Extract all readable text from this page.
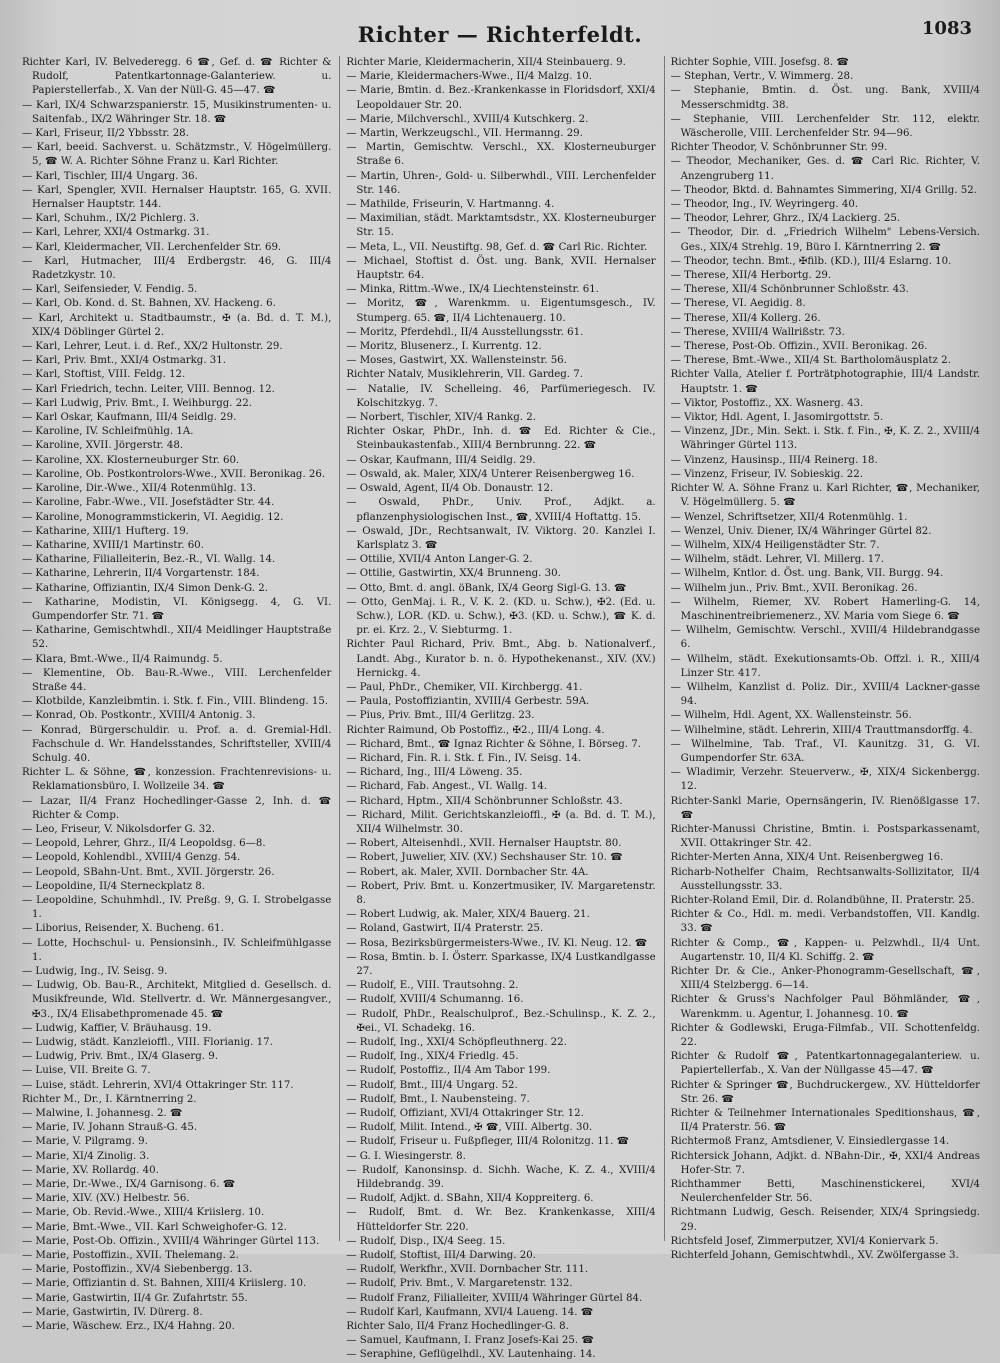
Richter — Richterfeldt.	1083
Richter Karl, IV. Belvederegg. 6 ☎, Gef. d. ☎ Richter & Rudolf, Patentkartonnage-Galanteriew. u. Papierstellerfab., X. Van der Nüll-G. 45—47. ☎
— Karl, IX/4 Schwarzspanierstr. 15, Musikinstrumenten- u. Saitenfab., IX/2 Währinger Str. 18. ☎
— Karl, Friseur, II/2 Ybbsstr. 28.
— Karl, beeid. Sachverst. u. Schätzmstr., V. Högelmüllerg. 5, ☎ W. A. Richter Söhne Franz u. Karl Richter.
— Karl, Tischler, III/4 Ungarg. 36.
— Karl, Spengler, XVII. Hernalser Hauptstr. 165, G. XVII. Hernalser Hauptstr. 144.
— Karl, Schuhm., IX/2 Pichlerg. 3.
— Karl, Lehrer, XXI/4 Ostmarkg. 31.
— Karl, Kleidermacher, VII. Lerchenfelder Str. 69.
— Karl, Hutmacher, III/4 Erdbergstr. 46, G. III/4 Radetzkystr. 10.
— Karl, Seifensieder, V. Fendig. 5.
— Karl, Ob. Kond. d. St. Bahnen, XV. Hackeng. 6.
— Karl, Architekt u. Stadtbaumstr., ✠ (a. Bd. d. T. M.), XIX/4 Döblinger Gürtel 2.
— Karl, Lehrer, Leut. i. d. Ref., XX/2 Hultonstr. 29.
— Karl, Priv. Bmt., XXI/4 Ostmarkg. 31.
— Karl, Stoftist, VIII. Feldg. 12.
— Karl Friedrich, techn. Leiter, VIII. Bennog. 12.
— Karl Ludwig, Priv. Bmt., I. Weihburgg. 22.
— Karl Oskar, Kaufmann, III/4 Seidlg. 29.
— Karoline, IV. Schleifmühlg. 1A.
— Karoline, XVII. Jörgerstr. 48.
— Karoline, XX. Klosterneuburger Str. 60.
— Karoline, Ob. Postkontrolors-Wwe., XVII. Beronikag. 26.
— Karoline, Dir.-Wwe., XII/4 Rotenmühlg. 13.
— Karoline, Fabr.-Wwe., VII. Josefstädter Str. 44.
— Karoline, Monogrammstickerin, VI. Aegidig. 12.
— Katharine, XIII/1 Hufterg. 19.
— Katharine, XVIII/1 Martinstr. 60.
— Katharine, Filialleiterin, Bez.-R., VI. Wallg. 14.
— Katharine, Lehrerin, II/4 Vorgartenstr. 184.
— Katharine, Offiziantin, IX/4 Simon Denk-G. 2.
— Katharine, Modistin, VI. Königsegg. 4, G. VI. Gumpendorfer Str. 71. ☎
— Katharine, Gemischtwhdl., XII/4 Meidlinger Hauptstraße 52.
— Klara, Bmt.-Wwe., II/4 Raimundg. 5.
— Klementine, Ob. Bau-R.-Wwe., VIII. Lerchenfelder Straße 44.
— Klotbilde, Kanzleibmtin. i. Stk. f. Fin., VIII. Blindeng. 15.
— Konrad, Ob. Postkontr., XVIII/4 Antonig. 3.
— Konrad, Bürgerschuldir. u. Prof. a. d. Gremial-Hdl. Fachschule d. Wr. Handelsstandes, Schriftsteller, XVIII/4 Schulg. 40.
Richter L. & Söhne, ☎, konzession. Frachtenrevisions- u. Reklamationsbüro, I. Wollzeile 34. ☎
— Lazar, II/4 Franz Hochedlinger-Gasse 2, Inh. d. ☎ Richter & Comp.
— Leo, Friseur, V. Nikolsdorfer G. 32.
— Leopold, Lehrer, Ghrz., II/4 Leopoldsg. 6—8.
— Leopold, Kohlendbl., XVIII/4 Genzg. 54.
— Leopold, SBahn-Unt. Bmt., XVII. Jörgerstr. 26.
— Leopoldine, II/4 Sterneckplatz 8.
— Leopoldine, Schuhmhdl., IV. Preßg. 9, G. I. Strobelgasse 1.
— Liborius, Reisender, X. Bucheng. 61.
— Lotte, Hochschul- u. Pensionsinh., IV. Schleifmühlgasse 1.
— Ludwig, Ing., IV. Seisg. 9.
— Ludwig, Ob. Bau-R., Architekt, Mitglied d. Gesellsch. d. Musikfreunde, Wld. Stellvertr. d. Wr. Männergesangver., ✠3., IX/4 Elisabethpromenade 45. ☎
— Ludwig, Kaffier, V. Bräuhausg. 19.
— Ludwig, städt. Kanzleioffl., VIII. Florianig. 17.
— Ludwig, Priv. Bmt., IX/4 Glaserg. 9.
— Luise, VII. Breite G. 7.
— Luise, städt. Lehrerin, XVI/4 Ottakringer Str. 117.
Richter M., Dr., I. Kärntnerring 2.
— Malwine, I. Johannesg. 2. ☎
— Marie, IV. Johann Strauß-G. 45.
— Marie, V. Pilgramg. 9.
— Marie, XI/4 Zinolig. 3.
— Marie, XV. Rollardg. 40.
— Marie, Dr.-Wwe., IX/4 Garnisong. 6. ☎
— Marie, XIV. (XV.) Helbestr. 56.
— Marie, Ob. Revid.-Wwe., XIII/4 Kriislerg. 10.
— Marie, Bmt.-Wwe., VII. Karl Schweighofer-G. 12.
— Marie, Post-Ob. Offizin., XVIII/4 Währinger Gürtel 113.
— Marie, Postoffizin., XVII. Thelemang. 2.
— Marie, Postoffizin., XV/4 Siebenbergg. 13.
— Marie, Offiziantin d. St. Bahnen, XIII/4 Kriislerg. 10.
— Marie, Gastwirtin, II/4 Gr. Zufahrtstr. 55.
— Marie, Gastwirtin, IV. Dürerg. 8.
— Marie, Wäschew. Erz., IX/4 Hahng. 20.
Richter Marie, Kleidermacherin, XII/4 Steinbauerg. 9.
— Marie, Kleidermachers-Wwe., II/4 Malzg. 10.
— Marie, Bmtin. d. Bez.-Krankenkasse in Floridsdorf, XXI/4 Leopoldauer Str. 20.
— Marie, Milchverschl., XVIII/4 Kutschkerg. 2.
— Martin, Werkzeugschl., VII. Hermanng. 29.
— Martin, Gemischtw. Verschl., XX. Klosterneuburger Straße 6.
— Martin, Uhren-, Gold- u. Silberwhdl., VIII. Lerchenfelder Str. 146.
— Mathilde, Friseurin, V. Hartmanng. 4.
— Maximilian, städt. Marktamtsdstr., XX. Klosterneuburger Str. 15.
— Meta, L., VII. Neustiftg. 98, Gef. d. ☎ Carl Ric. Richter.
— Michael, Stoftist d. Öst. ung. Bank, XVII. Hernalser Hauptstr. 64.
— Minka, Rittm.-Wwe., IX/4 Liechtensteinstr. 61.
— Moritz, ☎, Warenkmm. u. Eigentumsgesch., IV. Stumperg. 65. ☎, II/4 Lichtenauerg. 10.
— Moritz, Pferdehdl., II/4 Ausstellungsstr. 61.
— Moritz, Blusenerz., I. Kurrentg. 12.
— Moses, Gastwirt, XX. Wallensteinstr. 56.
Richter Natalv, Musiklehrerin, VII. Gardeg. 7.
— Natalie, IV. Schelleing. 46, Parfümeriegesch. IV. Kolschitzkyg. 7.
— Norbert, Tischler, XIV/4 Rankg. 2.
Richter Oskar, PhDr., Inh. d. ☎ Ed. Richter & Cie., Steinbaukastenfab., XIII/4 Bernbrunng. 22. ☎
— Oskar, Kaufmann, III/4 Seidlg. 29.
— Oswald, ak. Maler, XIX/4 Unterer Reisenbergweg 16.
— Oswald, Agent, II/4 Ob. Donaustr. 12.
— Oswald, PhDr., Univ. Prof., Adjkt. a. pflanzenphysiologischen Inst., ☎, XVIII/4 Hoftattg. 15.
— Oswald, JDr., Rechtsanwalt, IV. Viktorg. 20. Kanzlei I. Karlsplatz 3. ☎
— Ottilie, XVII/4 Anton Langer-G. 2.
— Ottilie, Gastwirtin, XX/4 Brunneng. 30.
— Otto, Bmt. d. angl. öBank, IX/4 Georg Sigl-G. 13. ☎
— Otto, GenMaj. i. R., V. K. 2. (KD. u. Schw.), ✠2. (Ed. u. Schw.), LOR. (KD. u. Schw.), ✠3. (KD. u. Schw.), ☎ K. d. pr. ei. Krz. 2., V. Siebturmg. 1.
Richter Paul Richard, Priv. Bmt., Abg. b. Nationalverf., Landt. Abg., Kurator b. n. ö. Hypothekenanst., XIV. (XV.) Hernickg. 4.
— Paul, PhDr., Chemiker, VII. Kirchbergg. 41.
— Paula, Postoffiziantin, XVIII/4 Gerbestr. 59A.
— Pius, Priv. Bmt., III/4 Gerlitzg. 23.
Richter Raimund, Ob Postoffiz., ✠2., III/4 Long. 4.
— Richard, Bmt., ☎ Ignaz Richter & Söhne, I. Börseg. 7.
— Richard, Fin. R. i. Stk. f. Fin., IV. Seisg. 14.
— Richard, Ing., III/4 Löweng. 35.
— Richard, Fab. Angest., VI. Wallg. 14.
— Richard, Hptm., XII/4 Schönbrunner Schloßstr. 43.
— Richard, Milit. Gerichtskanzleioffl., ✠ (a. Bd. d. T. M.), XII/4 Wilhelmstr. 30.
— Robert, Alteisenhdl., XVII. Hernalser Hauptstr. 80.
— Robert, Juwelier, XIV. (XV.) Sechshauser Str. 10. ☎
— Robert, ak. Maler, XVII. Dornbacher Str. 4A.
— Robert, Priv. Bmt. u. Konzertmusiker, IV. Margaretenstr. 8.
— Robert Ludwig, ak. Maler, XIX/4 Bauerg. 21.
— Roland, Gastwirt, II/4 Praterstr. 25.
— Rosa, Bezirksbürgermeisters-Wwe., IV. Kl. Neug. 12. ☎
— Rosa, Bmtin. b. I. Österr. Sparkasse, IX/4 Lustkandlgasse 27.
— Rudolf, E., VIII. Trautsohng. 2.
— Rudolf, XVIII/4 Schumanng. 16.
— Rudolf, PhDr., Realschulprof., Bez.-Schulinsp., K. Z. 2., ✠ei., VI. Schadekg. 16.
— Rudolf, Ing., XXI/4 Schöpfleuthnerg. 22.
— Rudolf, Ing., XIX/4 Friedlg. 45.
— Rudolf, Postoffiz., II/4 Am Tabor 199.
— Rudolf, Bmt., III/4 Ungarg. 52.
— Rudolf, Bmt., I. Naubensteing. 7.
— Rudolf, Offiziant, XVI/4 Ottakringer Str. 12.
— Rudolf, Milit. Intend., ✠ ☎, VIII. Albertg. 30.
— Rudolf, Friseur u. Fußpfleger, III/4 Rolonitzg. 11. ☎
— G. I. Wiesingerstr. 8.
— Rudolf, Kanonsinsp. d. Sichh. Wache, K. Z. 4., XVIII/4 Hildebrandg. 39.
— Rudolf, Adjkt. d. SBahn, XII/4 Koppreiterg. 6.
— Rudolf, Bmt. d. Wr. Bez. Krankenkasse, XIII/4 Hütteldorfer Str. 220.
— Rudolf, Disp., IX/4 Seeg. 15.
— Rudolf, Stoftist, III/4 Darwing. 20.
— Rudolf, Werkfhr., XVII. Dornbacher Str. 111.
— Rudolf, Priv. Bmt., V. Margaretenstr. 132.
— Rudolf Franz, Filialleiter, XVIII/4 Währinger Gürtel 84.
— Rudolf Karl, Kaufmann, XVI/4 Laueng. 14. ☎
Richter Salo, II/4 Franz Hochedlinger-G. 8.
— Samuel, Kaufmann, I. Franz Josefs-Kai 25. ☎
— Seraphine, Geflügelhdl., XV. Lautenhaing. 14.
Richter Sophie, VIII. Josefsg. 8. ☎
— Stephan, Vertr., V. Wimmerg. 28.
— Stephanie, Bmtin. d. Öst. ung. Bank, XVIII/4 Messerschmidtg. 38.
— Stephanie, VIII. Lerchenfelder Str. 112, elektr. Wäscherolle, VIII. Lerchenfelder Str. 94—96.
Richter Theodor, V. Schönbrunner Str. 99.
— Theodor, Mechaniker, Ges. d. ☎ Carl Ric. Richter, V. Anzengruberg 11.
— Theodor, Bktd. d. Bahnamtes Simmering, XI/4 Grillg. 52.
— Theodor, Ing., IV. Weyringerg. 40.
— Theodor, Lehrer, Ghrz., IX/4 Lackierg. 25.
— Theodor, Dir. d. „Friedrich Wilhelm" Lebens-Versich. Ges., XIX/4 Strehlg. 19, Büro I. Kärntnerring 2. ☎
— Theodor, techn. Bmt., ✠filb. (KD.), III/4 Eslarng. 10.
— Therese, XII/4 Herbortg. 29.
— Therese, XII/4 Schönbrunner Schloßstr. 43.
— Therese, VI. Aegidig. 8.
— Therese, XII/4 Kollerg. 26.
— Therese, XVIII/4 Wallrißstr. 73.
— Therese, Post-Ob. Offizin., XVII. Beronikag. 26.
— Therese, Bmt.-Wwe., XII/4 St. Bartholomäusplatz 2.
Richter Valla, Atelier f. Porträtphotographie, III/4 Landstr. Hauptstr. 1. ☎
— Viktor, Postoffiz., XX. Wasnerg. 43.
— Viktor, Hdl. Agent, I. Jasomirgottstr. 5.
— Vinzenz, JDr., Min. Sekt. i. Stk. f. Fin., ✠, K. Z. 2., XVIII/4 Währinger Gürtel 113.
— Vinzenz, Hausinsp., III/4 Reinerg. 18.
— Vinzenz, Friseur, IV. Sobieskig. 22.
Richter W. A. Söhne Franz u. Karl Richter, ☎, Mechaniker, V. Högelmüllerg. 5. ☎
— Wenzel, Schriftsetzer, XII/4 Rotenmühlg. 1.
— Wenzel, Univ. Diener, IX/4 Währinger Gürtel 82.
— Wilhelm, XIX/4 Heiligenstädter Str. 7.
— Wilhelm, städt. Lehrer, VI. Millerg. 17.
— Wilhelm, Kntlor. d. Öst. ung. Bank, VII. Burgg. 94.
— Wilhelm jun., Priv. Bmt., XVII. Beronikag. 26.
— Wilhelm, Riemer, XV. Robert Hamerling-G. 14, Maschinentreibriemenerz., XV. Maria vom Siege 6. ☎
— Wilhelm, Gemischtw. Verschl., XVIII/4 Hildebrandgasse 6.
— Wilhelm, städt. Exekutionsamts-Ob. Offzl. i. R., XIII/4 Linzer Str. 417.
— Wilhelm, Kanzlist d. Poliz. Dir., XVIII/4 Lackner-gasse 94.
— Wilhelm, Hdl. Agent, XX. Wallensteinstr. 56.
— Wilhelmine, städt. Lehrerin, XIII/4 Trauttmansdorffg. 4.
— Wilhelmine, Tab. Traf., VI. Kaunitzg. 31, G. VI. Gumpendorfer Str. 63A.
— Wladimir, Verzehr. Steuerverw., ✠, XIX/4 Sickenbergg. 12.
Richter-Sankl Marie, Opernsängerin, IV. Rienößlgasse 17. ☎
Richter-Manussi Christine, Bmtin. i. Postsparkassenamt, XVII. Ottakringer Str. 42.
Richter-Merten Anna, XIX/4 Unt. Reisenbergweg 16.
Richarb-Nothelfer Chaim, Rechtsanwalts-Sollizitator, II/4 Ausstellungsstr. 33.
Richter-Roland Emil, Dir. d. Rolandbühne, II. Praterstr. 25.
Richter & Co., Hdl. m. medi. Verbandstoffen, VII. Kandlg. 33. ☎
Richter & Comp., ☎, Kappen- u. Pelzwhdl., II/4 Unt. Augartenstr. 10, II/4 Kl. Schiffg. 2. ☎
Richter Dr. & Cie., Anker-Phonogramm-Gesellschaft, ☎, XIII/4 Stelzbergg. 6—14.
Richter & Gruss's Nachfolger Paul Böhmländer, ☎, Warenkmm. u. Agentur, I. Johannesg. 10. ☎
Richter & Godlewski, Eruga-Filmfab., VII. Schottenfeldg. 22.
Richter & Rudolf ☎, Patentkartonnagegalanteriew. u. Papiertellerfab., X. Van der Nüllgasse 45—47. ☎
Richter & Springer ☎, Buchdruckergew., XV. Hütteldorfer Str. 26. ☎
Richter & Teilnehmer Internationales Speditionshaus, ☎, II/4 Praterstr. 56. ☎
Richtermoß Franz, Amtsdiener, V. Einsiedlergasse 14.
Richtersick Johann, Adjkt. d. NBahn-Dir., ✠, XXI/4 Andreas Hofer-Str. 7.
Richthammer Betti, Maschinenstickerei, XVI/4 Neulerchenfelder Str. 56.
Richtmann Ludwig, Gesch. Reisender, XIX/4 Springsiedg. 29.
Richtsfeld Josef, Zimmerputzer, XVI/4 Koniervark 5.
Richterfeld Johann, Gemischtwhdl., XV. Zwölfergasse 3.
